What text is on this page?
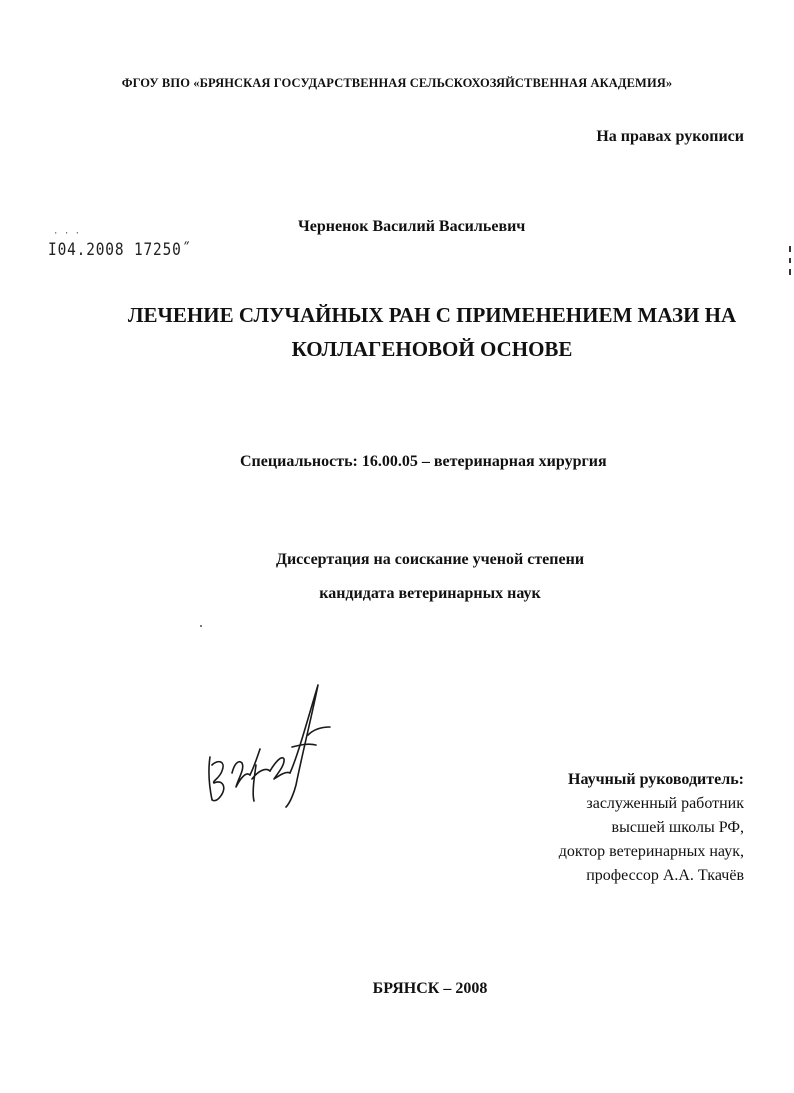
ФГОУ ВПО «БРЯНСКАЯ ГОСУДАРСТВЕННАЯ СЕЛЬСКОХОЗЯЙСТВЕННАЯ АКАДЕМИЯ»
На правах рукописи
· · ·
I04.2008 17250˝
Черненок Василий Васильевич
ЛЕЧЕНИЕ СЛУЧАЙНЫХ РАН С ПРИМЕНЕНИЕМ МАЗИ НА
КОЛЛАГЕНОВОЙ ОСНОВЕ
Специальность: 16.00.05 – ветеринарная хирургия
Диссертация на соискание ученой степени
кандидата ветеринарных наук
Научный руководитель:
заслуженный работник
высшей школы РФ,
доктор ветеринарных наук,
профессор А.А. Ткачёв
БРЯНСК – 2008
